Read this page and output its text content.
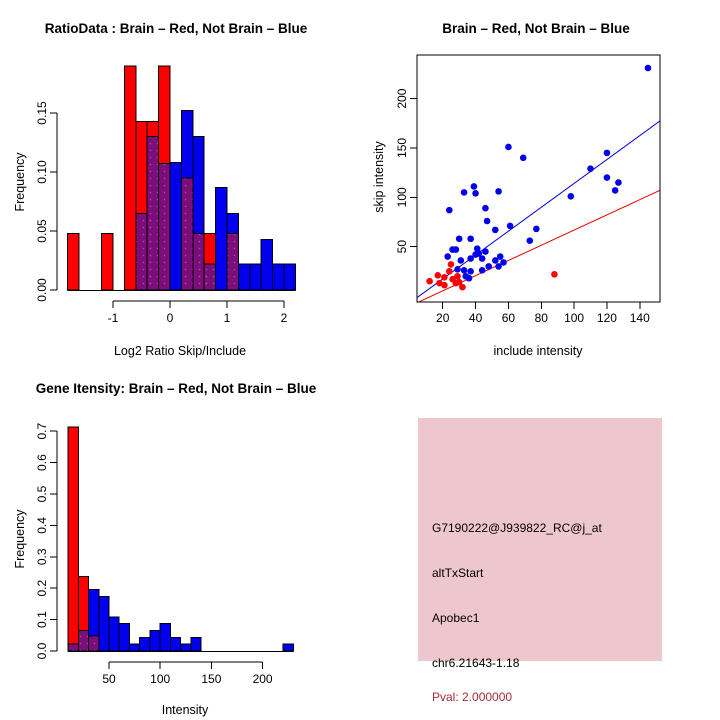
0.00
0.05
0.10
0.15
-1	0	1	2
RatioData : Brain – Red, Not Brain – Blue
Log2 Ratio Skip/Include
Frequency
20 40 60 80 100 120 140
50
100
150
200
Brain – Red, Not Brain – Blue
include intensity
skip intensity
0.0
0.1
0.2
0.3
0.4
0.5
0.6
0.7
50	100	150	200
Gene Itensity: Brain – Red, Not Brain – Blue
Intensity
Frequency	G7190222@J939822_RC@j_at
altTxStart
Apobec1
chr6.21643-1.18
Pval: 2.000000
